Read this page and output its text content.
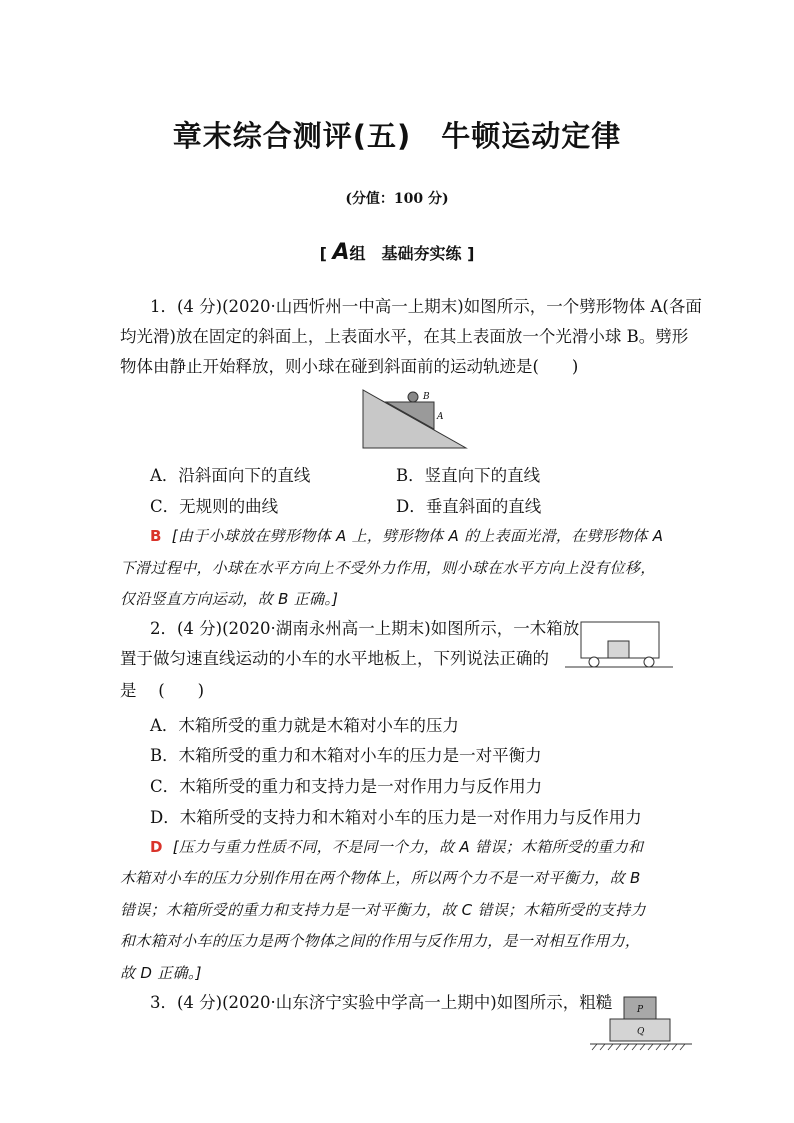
章末综合测评(五)　牛顿运动定律
(分值：100 分)
[ A组　基础夯实练 ]
1．(4 分)(2020·山西忻州一中高一上期末)如图所示，一个劈形物体 A(各面
均光滑)放在固定的斜面上，上表面水平，在其上表面放一个光滑小球 B。劈形
物体由静止开始释放，则小球在碰到斜面前的运动轨迹是(　　)
B
A
A．沿斜面向下的直线	B．竖直向下的直线
C．无规则的曲线	D．垂直斜面的直线
B [由于小球放在劈形物体 A 上，劈形物体 A 的上表面光滑，在劈形物体 A
下滑过程中，小球在水平方向上不受外力作用，则小球在水平方向上没有位移，
仅沿竖直方向运动，故 B 正确。]
2．(4 分)(2020·湖南永州高一上期末)如图所示，一木箱放
置于做匀速直线运动的小车的水平地板上，下列说法正确的
是　 (　　)
A．木箱所受的重力就是木箱对小车的压力
B．木箱所受的重力和木箱对小车的压力是一对平衡力
C．木箱所受的重力和支持力是一对作用力与反作用力
D．木箱所受的支持力和木箱对小车的压力是一对作用力与反作用力
D [压力与重力性质不同，不是同一个力，故 A 错误；木箱所受的重力和
木箱对小车的压力分别作用在两个物体上，所以两个力不是一对平衡力，故 B
错误；木箱所受的重力和支持力是一对平衡力，故 C 错误；木箱所受的支持力
和木箱对小车的压力是两个物体之间的作用与反作用力，是一对相互作用力，
故 D 正确。]
3．(4 分)(2020·山东济宁实验中学高一上期中)如图所示，粗糙	P
Q
